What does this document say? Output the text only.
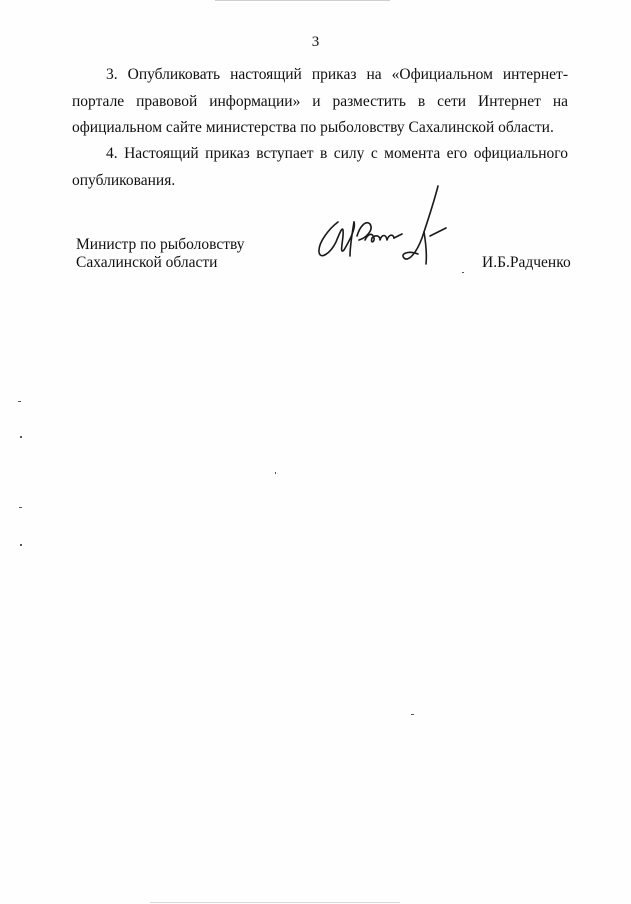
3

3. Опубликовать настоящий приказ на «Официальном интернет-портале правовой информации» и разместить в сети Интернет на официальном сайте министерства по рыболовству Сахалинской области.

4. Настоящий приказ вступает в силу с момента его официального опубликования.

Министр по рыболовству
Сахалинской области	И.Б.Радченко
